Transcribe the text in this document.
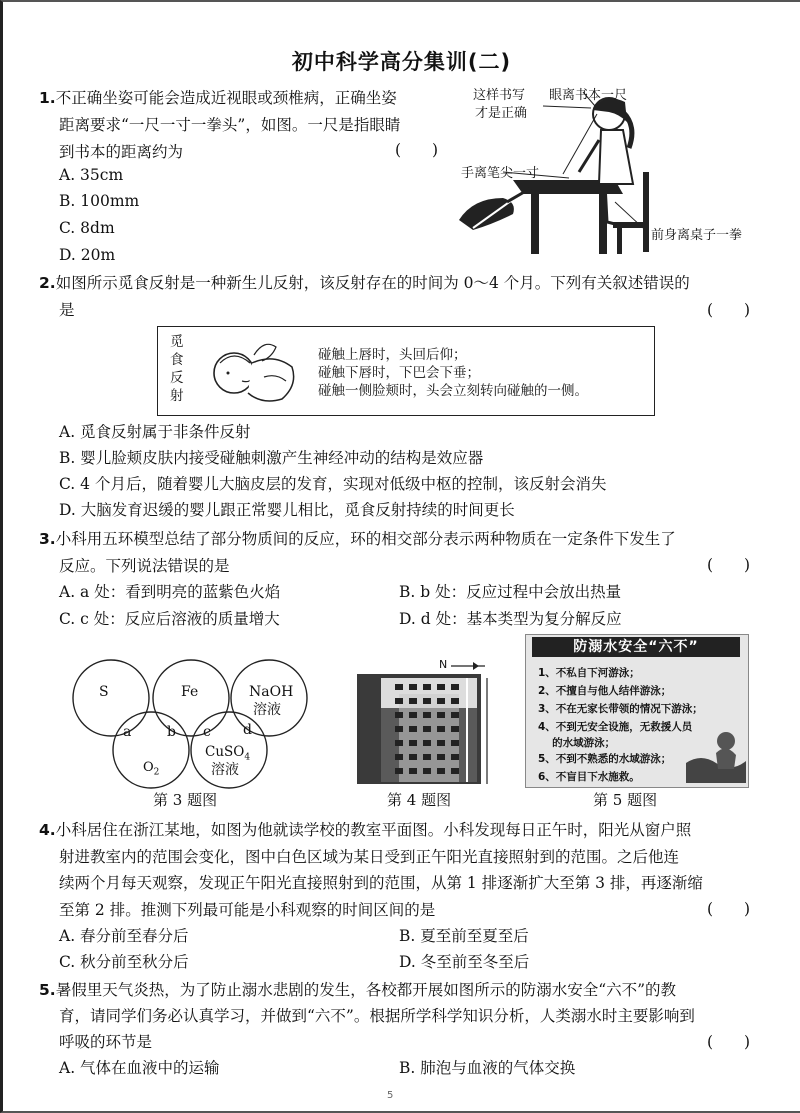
初中科学高分集训(二)
1.不正确坐姿可能会造成近视眼或颈椎病，正确坐姿
距离要求“一尺一寸一拳头”，如图。一尺是指眼睛
到书本的距离约为	(　　)
A. 35cm
B. 100mm
C. 8dm
D. 20m
这样书写
才是正确
眼离书本一尺
手离笔尖一寸
前身离桌子一拳
2.如图所示觅食反射是一种新生儿反射，该反射存在的时间为 0～4 个月。下列有关叙述错误的
是	(　　)
觅
食
反
射
碰触上唇时，头回后仰；
碰触下唇时，下巴会下垂；
碰触一侧脸颊时，头会立刻转向碰触的一侧。
A. 觅食反射属于非条件反射
B. 婴儿脸颊皮肤内接受碰触刺激产生神经冲动的结构是效应器
C. 4 个月后，随着婴儿大脑皮层的发育，实现对低级中枢的控制，该反射会消失
D. 大脑发育迟缓的婴儿跟正常婴儿相比，觅食反射持续的时间更长
3.小科用五环模型总结了部分物质间的反应，环的相交部分表示两种物质在一定条件下发生了
反应。下列说法错误的是	(　　)
A. a 处：看到明亮的蓝紫色火焰	B. b 处：反应过程中会放出热量
C. c 处：反应后溶液的质量增大	D. d 处：基本类型为复分解反应
S	Fe	NaOH
溶液
a	b c d
$O_2$
CuSO$_4$
溶液
第 3 题图
N
第 4 题图
防溺水安全“六不”
1、不私自下河游泳；
2、不擅自与他人结伴游泳；
3、不在无家长带领的情况下游泳；
4、不到无安全设施，无救援人员
　 的水域游泳；
5、不到不熟悉的水域游泳；
6、不盲目下水施救。
第 5 题图
4.小科居住在浙江某地，如图为他就读学校的教室平面图。小科发现每日正午时，阳光从窗户照
射进教室内的范围会变化，图中白色区域为某日受到正午阳光直接照射到的范围。之后他连
续两个月每天观察，发现正午阳光直接照射到的范围，从第 1 排逐渐扩大至第 3 排，再逐渐缩
至第 2 排。推测下列最可能是小科观察的时间区间的是	(　　)
A. 春分前至春分后	B. 夏至前至夏至后
C. 秋分前至秋分后	D. 冬至前至冬至后
5.暑假里天气炎热，为了防止溺水悲剧的发生，各校都开展如图所示的防溺水安全“六不”的教
育，请同学们务必认真学习，并做到“六不”。根据所学科学知识分析，人类溺水时主要影响到
呼吸的环节是	(　　)
A. 气体在血液中的运输	B. 肺泡与血液的气体交换
5
